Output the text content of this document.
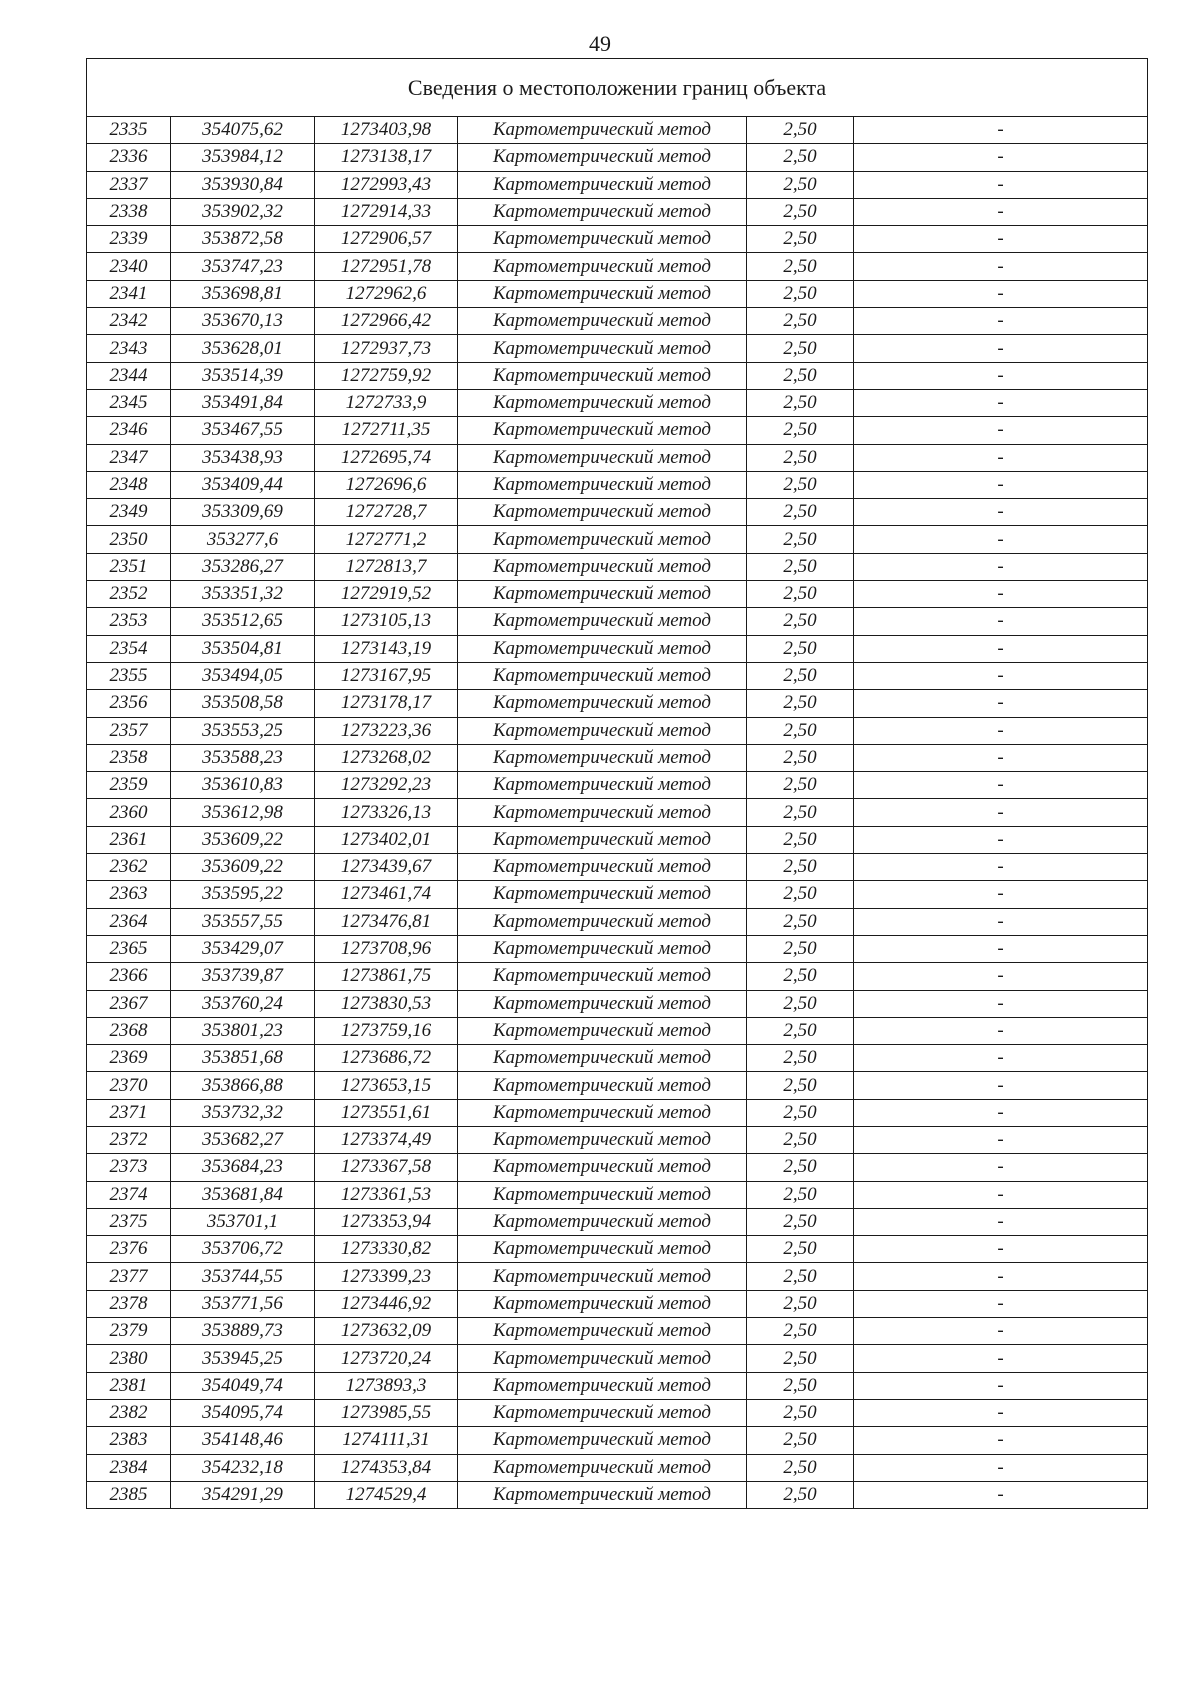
49
Сведения о местоположении границ объекта					
2335	354075,62	1273403,98	Картометрический метод	2,50	-
2336	353984,12	1273138,17	Картометрический метод	2,50	-
2337	353930,84	1272993,43	Картометрический метод	2,50	-
2338	353902,32	1272914,33	Картометрический метод	2,50	-
2339	353872,58	1272906,57	Картометрический метод	2,50	-
2340	353747,23	1272951,78	Картометрический метод	2,50	-
2341	353698,81	1272962,6	Картометрический метод	2,50	-
2342	353670,13	1272966,42	Картометрический метод	2,50	-
2343	353628,01	1272937,73	Картометрический метод	2,50	-
2344	353514,39	1272759,92	Картометрический метод	2,50	-
2345	353491,84	1272733,9	Картометрический метод	2,50	-
2346	353467,55	1272711,35	Картометрический метод	2,50	-
2347	353438,93	1272695,74	Картометрический метод	2,50	-
2348	353409,44	1272696,6	Картометрический метод	2,50	-
2349	353309,69	1272728,7	Картометрический метод	2,50	-
2350	353277,6	1272771,2	Картометрический метод	2,50	-
2351	353286,27	1272813,7	Картометрический метод	2,50	-
2352	353351,32	1272919,52	Картометрический метод	2,50	-
2353	353512,65	1273105,13	Картометрический метод	2,50	-
2354	353504,81	1273143,19	Картометрический метод	2,50	-
2355	353494,05	1273167,95	Картометрический метод	2,50	-
2356	353508,58	1273178,17	Картометрический метод	2,50	-
2357	353553,25	1273223,36	Картометрический метод	2,50	-
2358	353588,23	1273268,02	Картометрический метод	2,50	-
2359	353610,83	1273292,23	Картометрический метод	2,50	-
2360	353612,98	1273326,13	Картометрический метод	2,50	-
2361	353609,22	1273402,01	Картометрический метод	2,50	-
2362	353609,22	1273439,67	Картометрический метод	2,50	-
2363	353595,22	1273461,74	Картометрический метод	2,50	-
2364	353557,55	1273476,81	Картометрический метод	2,50	-
2365	353429,07	1273708,96	Картометрический метод	2,50	-
2366	353739,87	1273861,75	Картометрический метод	2,50	-
2367	353760,24	1273830,53	Картометрический метод	2,50	-
2368	353801,23	1273759,16	Картометрический метод	2,50	-
2369	353851,68	1273686,72	Картометрический метод	2,50	-
2370	353866,88	1273653,15	Картометрический метод	2,50	-
2371	353732,32	1273551,61	Картометрический метод	2,50	-
2372	353682,27	1273374,49	Картометрический метод	2,50	-
2373	353684,23	1273367,58	Картометрический метод	2,50	-
2374	353681,84	1273361,53	Картометрический метод	2,50	-
2375	353701,1	1273353,94	Картометрический метод	2,50	-
2376	353706,72	1273330,82	Картометрический метод	2,50	-
2377	353744,55	1273399,23	Картометрический метод	2,50	-
2378	353771,56	1273446,92	Картометрический метод	2,50	-
2379	353889,73	1273632,09	Картометрический метод	2,50	-
2380	353945,25	1273720,24	Картометрический метод	2,50	-
2381	354049,74	1273893,3	Картометрический метод	2,50	-
2382	354095,74	1273985,55	Картометрический метод	2,50	-
2383	354148,46	1274111,31	Картометрический метод	2,50	-
2384	354232,18	1274353,84	Картометрический метод	2,50	-
2385	354291,29	1274529,4	Картометрический метод	2,50	-
